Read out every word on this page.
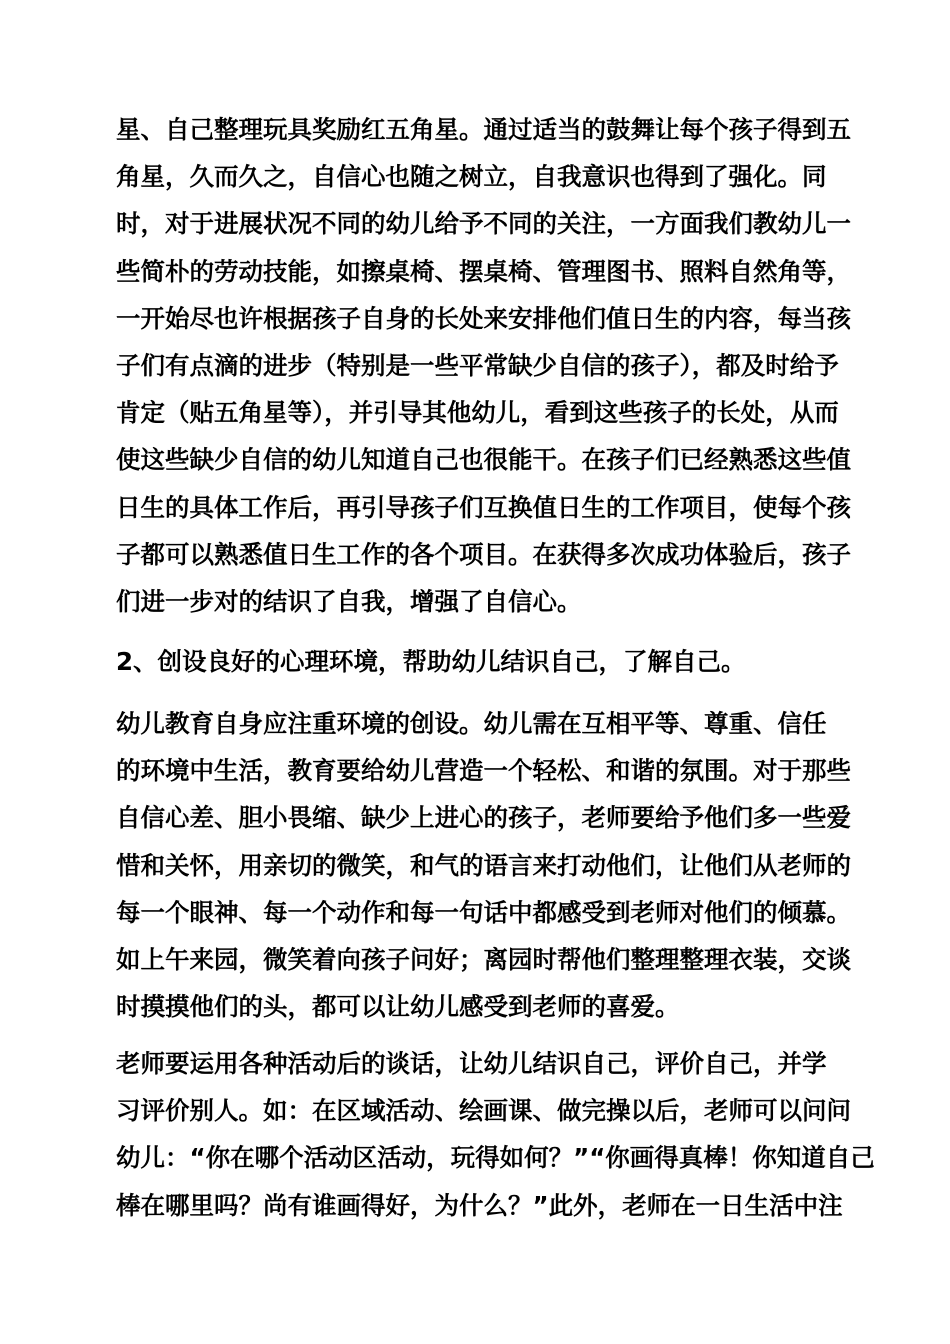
星、自己整理玩具奖励红五角星。通过适当的鼓舞让每个孩子得到五
角星，久而久之，自信心也随之树立，自我意识也得到了强化。同
时，对于进展状况不同的幼儿给予不同的关注，一方面我们教幼儿一
些简朴的劳动技能，如擦桌椅、摆桌椅、管理图书、照料自然角等，
一开始尽也许根据孩子自身的长处来安排他们值日生的内容，每当孩
子们有点滴的进步（特别是一些平常缺少自信的孩子），都及时给予
肯定（贴五角星等），并引导其他幼儿，看到这些孩子的长处，从而
使这些缺少自信的幼儿知道自己也很能干。在孩子们已经熟悉这些值
日生的具体工作后，再引导孩子们互换值日生的工作项目，使每个孩
子都可以熟悉值日生工作的各个项目。在获得多次成功体验后，孩子
们进一步对的结识了自我，增强了自信心。
2、创设良好的心理环境，帮助幼儿结识自己，了解自己。
幼儿教育自身应注重环境的创设。幼儿需在互相平等、尊重、信任
的环境中生活，教育要给幼儿营造一个轻松、和谐的氛围。对于那些
自信心差、胆小畏缩、缺少上进心的孩子，老师要给予他们多一些爱
惜和关怀，用亲切的微笑，和气的语言来打动他们，让他们从老师的
每一个眼神、每一个动作和每一句话中都感受到老师对他们的倾慕。
如上午来园，微笑着向孩子问好；离园时帮他们整理整理衣装，交谈
时摸摸他们的头，都可以让幼儿感受到老师的喜爱。
老师要运用各种活动后的谈话，让幼儿结识自己，评价自己，并学
习评价别人。如：在区域活动、绘画课、做完操以后，老师可以问问
幼儿：“你在哪个活动区活动，玩得如何？”“你画得真棒！你知道自己
棒在哪里吗？尚有谁画得好，为什么？”此外，老师在一日生活中注
